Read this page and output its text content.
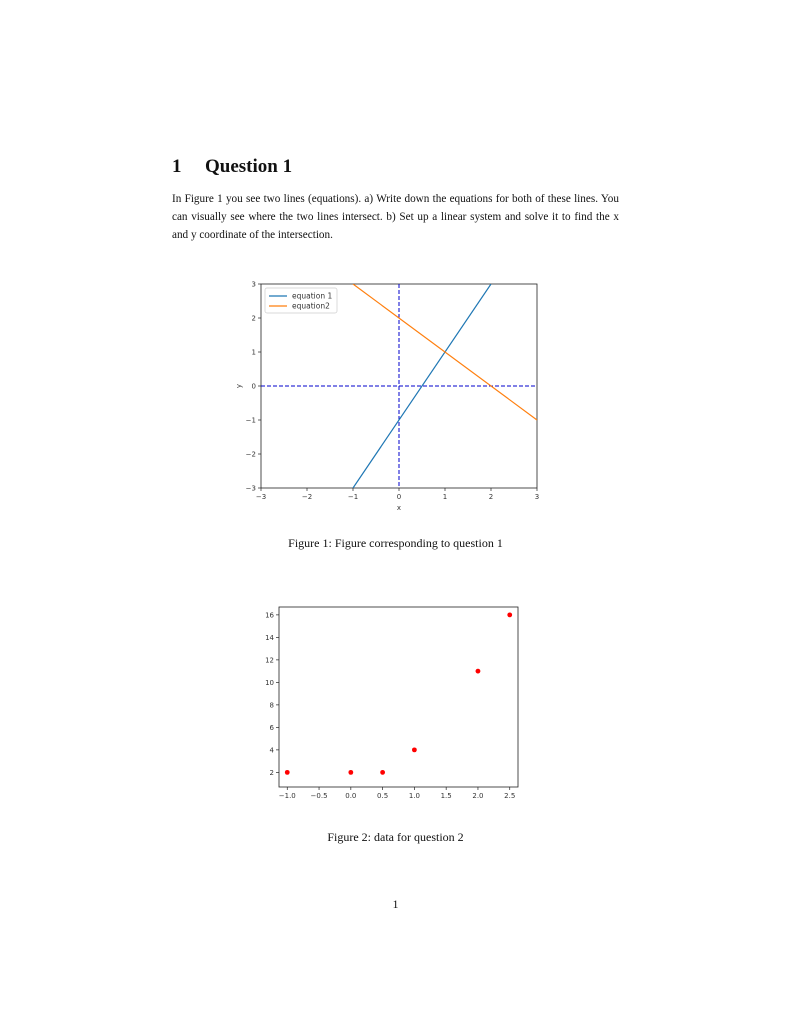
1 Question 1
In Figure 1 you see two lines (equations). a) Write down the equations for both of these lines. You can visually see where the two lines intersect. b) Set up a linear system and solve it to find the x and y coordinate of the intersection.
−3	−2	−1	0	1	2	3
−3
−2
−1
0
1
2
3
x
y
equation 1
equation2
−1.0 −0.5	0.0	0.5	1.0	1.5	2.0	2.5
2
4
6
8
10
12
14
16
Figure 1: Figure corresponding to question 1
Figure 2: data for question 2
1
